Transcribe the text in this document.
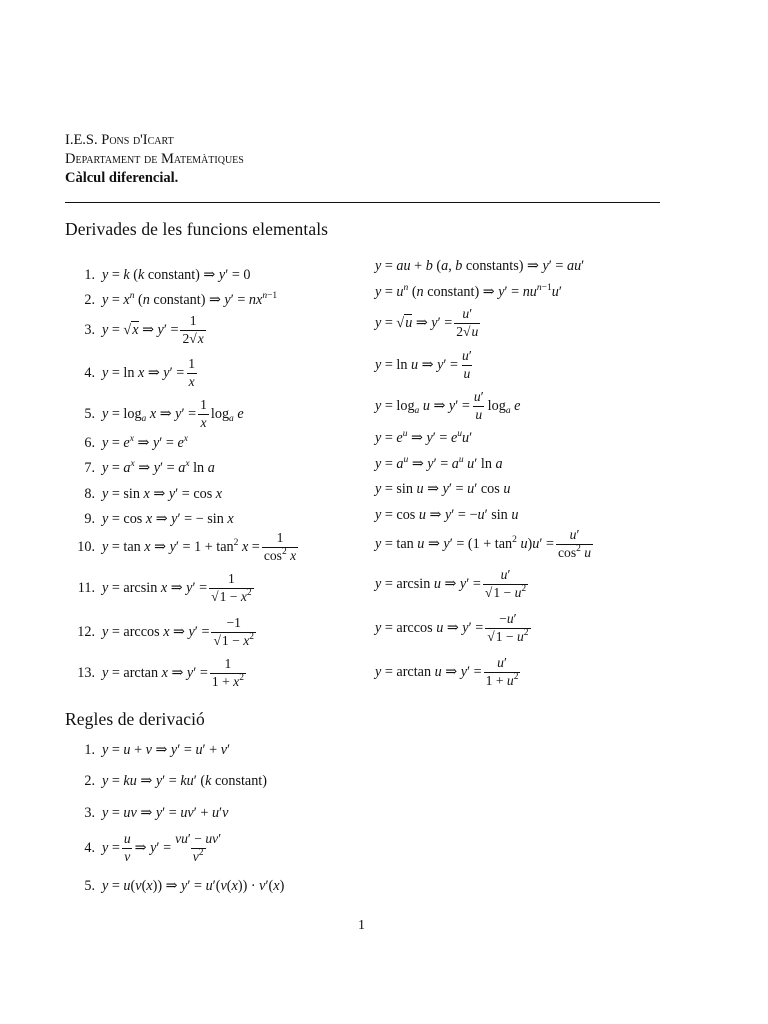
I.E.S. Pons d'Icart
Departament de Matemàtiques
Càlcul diferencial.
Derivades de les funcions elementals
1. y = k (k constant) ⇒ y′ = 0
2. $y = x^n$ (n constant) ⇒ $y' = nx^{n-1}$
3. y = √x ⇒ $y' = \frac{1}{2√x}$
4. y = ln x ⇒ $y' = \frac{1}{x}$
5. $y = \log_a x$ ⇒ $y' = \frac{1}{x} \log_a e$
6. $y = e^x$ ⇒ $y' = e^x$
7. $y = a^x$ ⇒ $y' = a^x$ ln a
8. y = sin x ⇒ y′ = cos x
9. y = cos x ⇒ y′ = − sin x
10. y = tan x ⇒ $y' = 1 + \tan^2 x = \frac{1}{\cos^2 x}$
11. y = arcsin x ⇒ $y' = \frac{1}{√1 - x^2}$
12. y = arccos x ⇒ $y' = \frac{-1}{√1 - x^2}$
13. y = arctan x ⇒ $y' = \frac{1}{1 + x^2}$
y = au + b (a, b constants) ⇒ y′ = au′
$y = u^n$ (n constant) ⇒ $y' = nu^{n-1}u'$
y = √u ⇒ $y' = \frac{u'}{2√u}$
y = ln u ⇒ $y' = \frac{u'}{u}$
$y = \log_a u$ ⇒ $y' = \frac{u'}{u} \log_a e$
$y = e^u$ ⇒ $y' = e^uu'$
$y = a^u$ ⇒ $y' = a^u$ u′ ln a
y = sin u ⇒ y′ = u′ cos u
y = cos u ⇒ y′ = −u′ sin u
y = tan u ⇒ $y' = (1 + \tan^2 u)u' = \frac{u'}{\cos^2 u}$
y = arcsin u ⇒ $y' = \frac{u'}{√1 - u^2}$
y = arccos u ⇒ $y' = \frac{-u'}{√1 - u^2}$
y = arctan u ⇒ $y' = \frac{u'}{1 + u^2}$
Regles de derivació
1. y = u + v ⇒ y′ = u′ + v′
2. y = ku ⇒ y′ = ku′ (k constant)
3. y = uv ⇒ y′ = uv′ + u′v
4. $y = \frac{u}{v}$ ⇒ $y' = \frac{vu' - uv'}{v^2}$
5. y = u(v(x)) ⇒ y′ = u′(v(x)) · v′(x)
1
